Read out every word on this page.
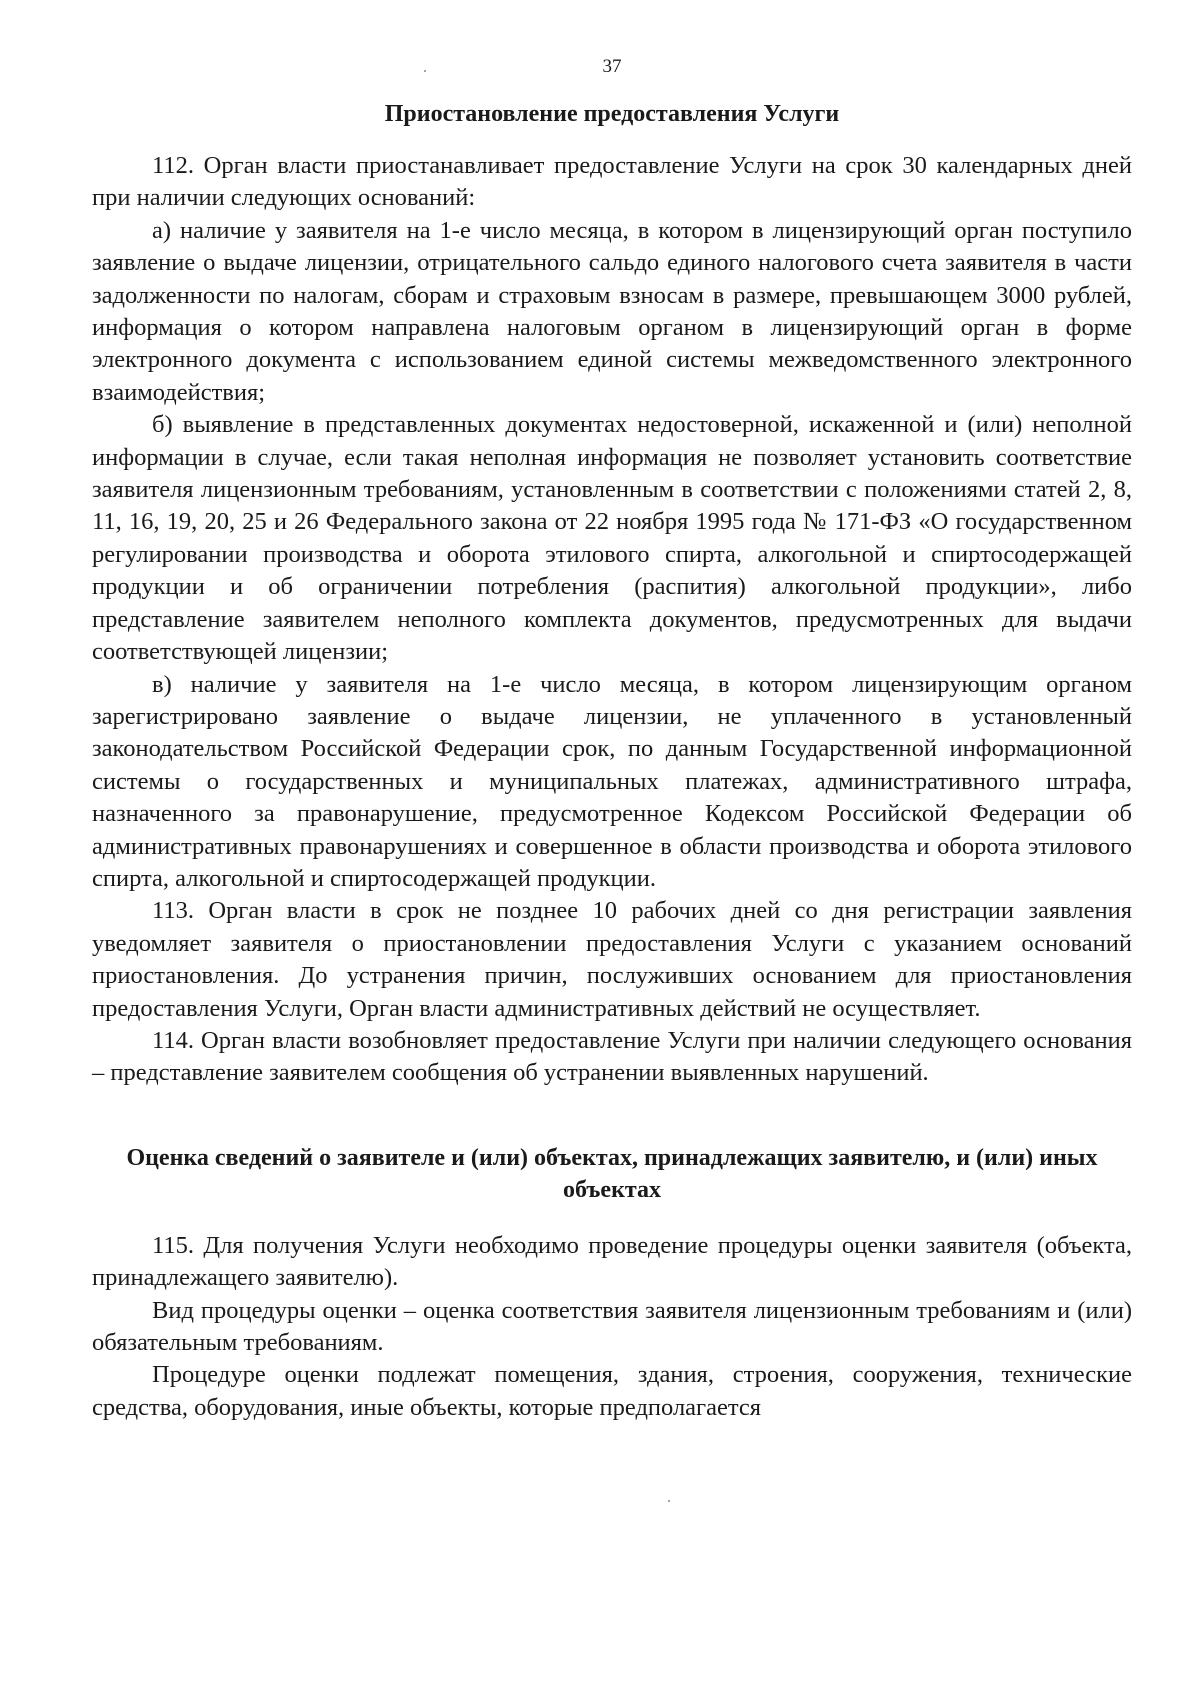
37
Приостановление предоставления Услуги

112. Орган власти приостанавливает предоставление Услуги на срок 30 календарных дней при наличии следующих оснований:

а) наличие у заявителя на 1-е число месяца, в котором в лицензирующий орган поступило заявление о выдаче лицензии, отрицательного сальдо единого налогового счета заявителя в части задолженности по налогам, сборам и страховым взносам в размере, превышающем 3000 рублей, информация о котором направлена налоговым органом в лицензирующий орган в форме электронного документа с использованием единой системы межведомственного электронного взаимодействия;

б) выявление в представленных документах недостоверной, искаженной и (или) неполной информации в случае, если такая неполная информация не позволяет установить соответствие заявителя лицензионным требованиям, установленным в соответствии с положениями статей 2, 8, 11, 16, 19, 20, 25 и 26 Федерального закона от 22 ноября 1995 года № 171-ФЗ «О государственном регулировании производства и оборота этилового спирта, алкогольной и спиртосодержащей продукции и об ограничении потребления (распития) алкогольной продукции», либо представление заявителем неполного комплекта документов, предусмотренных для выдачи соответствующей лицензии;

в) наличие у заявителя на 1-е число месяца, в котором лицензирующим органом зарегистрировано заявление о выдаче лицензии, не уплаченного в установленный законодательством Российской Федерации срок, по данным Государственной информационной системы о государственных и муниципальных платежах, административного штрафа, назначенного за правонарушение, предусмотренное Кодексом Российской Федерации об административных правонарушениях и совершенное в области производства и оборота этилового спирта, алкогольной и спиртосодержащей продукции.

113. Орган власти в срок не позднее 10 рабочих дней со дня регистрации заявления уведомляет заявителя о приостановлении предоставления Услуги с указанием оснований приостановления. До устранения причин, послуживших основанием для приостановления предоставления Услуги, Орган власти административных действий не осуществляет.

114. Орган власти возобновляет предоставление Услуги при наличии следующего основания – представление заявителем сообщения об устранении выявленных нарушений.

Оценка сведений о заявителе и (или) объектах, принадлежащих заявителю, и (или) иных объектах

115. Для получения Услуги необходимо проведение процедуры оценки заявителя (объекта, принадлежащего заявителю).

Вид процедуры оценки – оценка соответствия заявителя лицензионным требованиям и (или) обязательным требованиям.

Процедуре оценки подлежат помещения, здания, строения, сооружения, технические средства, оборудования, иные объекты, которые предполагается
